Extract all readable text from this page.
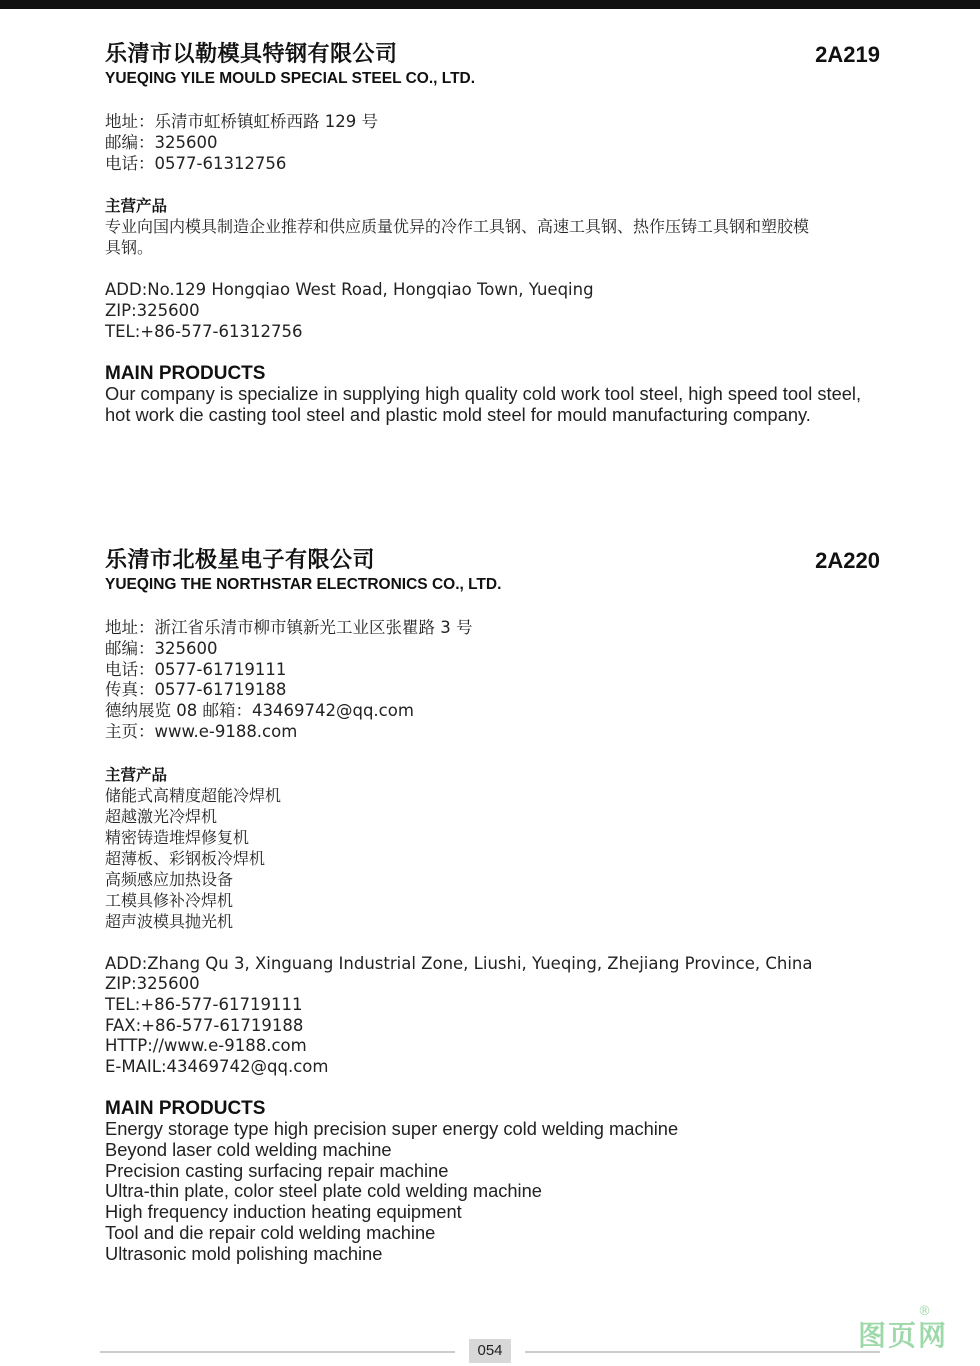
乐清市以勒模具特钢有限公司	2A219
YUEQING YILE MOULD SPECIAL STEEL CO., LTD.
地址：乐清市虹桥镇虹桥西路 129 号
邮编：325600
电话：0577-61312756
主营产品
专业向国内模具制造企业推荐和供应质量优异的冷作工具钢、高速工具钢、热作压铸工具钢和塑胶模
具钢。
ADD:No.129 Hongqiao West Road, Hongqiao Town, Yueqing
ZIP:325600
TEL:+86-577-61312756
MAIN PRODUCTS
Our company is specialize in supplying high quality cold work tool steel, high speed tool steel,
hot work die casting tool steel and plastic mold steel for mould manufacturing company.
乐清市北极星电子有限公司	2A220
YUEQING THE NORTHSTAR ELECTRONICS CO., LTD.
地址：浙江省乐清市柳市镇新光工业区张瞿路 3 号
邮编：325600
电话：0577-61719111
传真：0577-61719188
德纳展览 08 邮箱：43469742@qq.com
主页：www.e-9188.com
主营产品
储能式高精度超能冷焊机
超越激光冷焊机
精密铸造堆焊修复机
超薄板、彩钢板冷焊机
高频感应加热设备
工模具修补冷焊机
超声波模具抛光机
ADD:Zhang Qu 3, Xinguang Industrial Zone, Liushi, Yueqing, Zhejiang Province, China
ZIP:325600
TEL:+86-577-61719111
FAX:+86-577-61719188
HTTP://www.e-9188.com
E-MAIL:43469742@qq.com
MAIN PRODUCTS
Energy storage type high precision super energy cold welding machine
Beyond laser cold welding machine
Precision casting surfacing repair machine
Ultra-thin plate, color steel plate cold welding machine
High frequency induction heating equipment
Tool and die repair cold welding machine
Ultrasonic mold polishing machine
054	图页网
®
